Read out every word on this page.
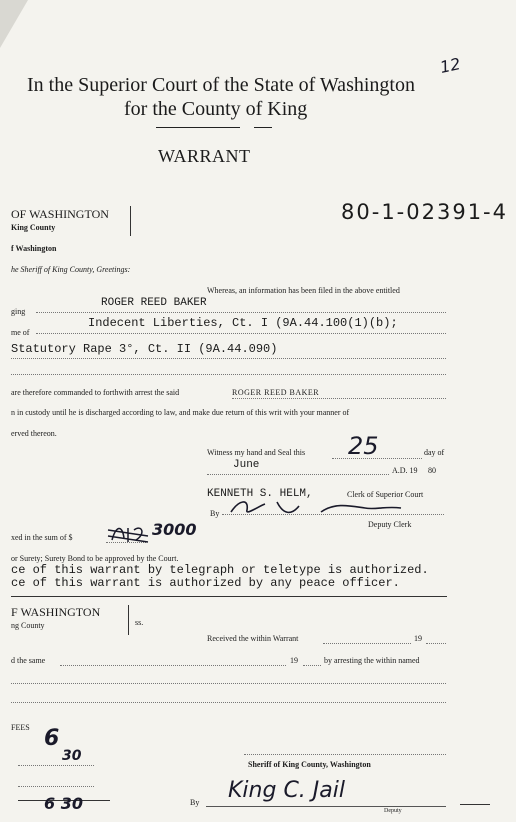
12
In the Superior Court of the State of Washington
for the County of King
WARRANT
OF WASHINGTON
King County
80-1-02391-4
f Washington
he Sheriff of King County, Greetings:
Whereas, an information has been filed in the above entitled
ging
ROGER REED BAKER
me of
Indecent Liberties, Ct. I (9A.44.100(1)(b);
Statutory Rape 3°, Ct. II (9A.44.090)
are therefore commanded to forthwith arrest the said	ROGER REED BAKER
n in custody until he is discharged according to law, and make due return of this writ with your manner of
erved thereon.
Witness my hand and Seal this 25	day of
June	A.D. 19 80
KENNETH S. HELM,	Clerk of Superior Court
By
Deputy Clerk
xed in the sum of $	3000
or Surety; Surety Bond to be approved by the Court.
ce of this warrant by telegraph or teletype is authorized.
ce of this warrant is authorized by any peace officer.
F WASHINGTON
ng County	ss.
Received the within Warrant	19
d the same	19	by arresting the within named
FEES 6
30
6 30
Sheriff of King County, Washington
By King C. Jail
Deputy
